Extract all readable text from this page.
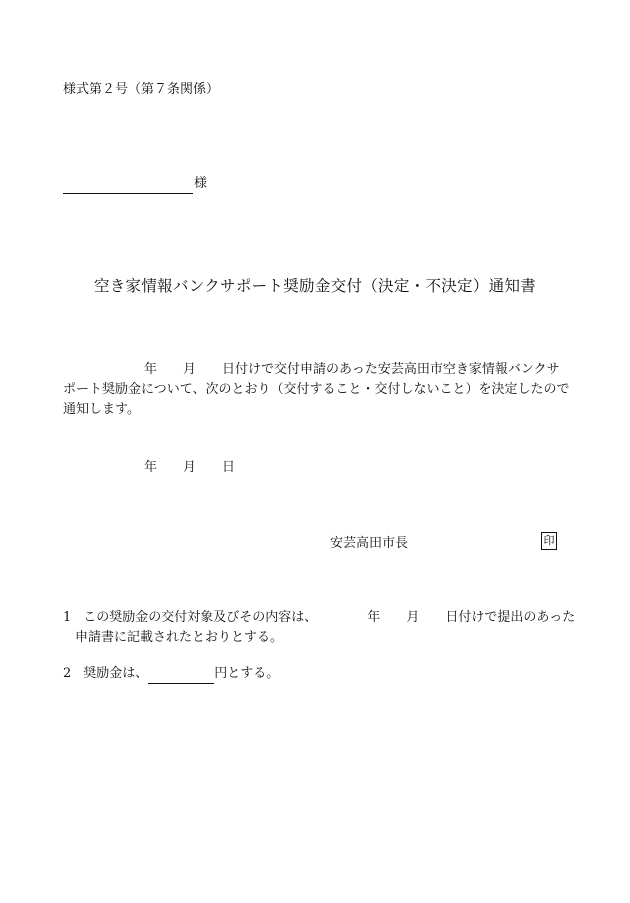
様式第２号（第７条関係）
様
空き家情報バンクサポート奨励金交付（決定・不決定）通知書
年 月 日付けで交付申請のあった安芸高田市空き家情報バンクサ
ポート奨励金について、次のとおり（交付すること・交付しないこと）を決定したので
通知します。
年 月 日
安芸高田市長	印
1 この奨励金の交付対象及びその内容は、	年 月 日付けで提出のあった
申請書に記載されたとおりとする。
2 奨励金は、	円とする。
